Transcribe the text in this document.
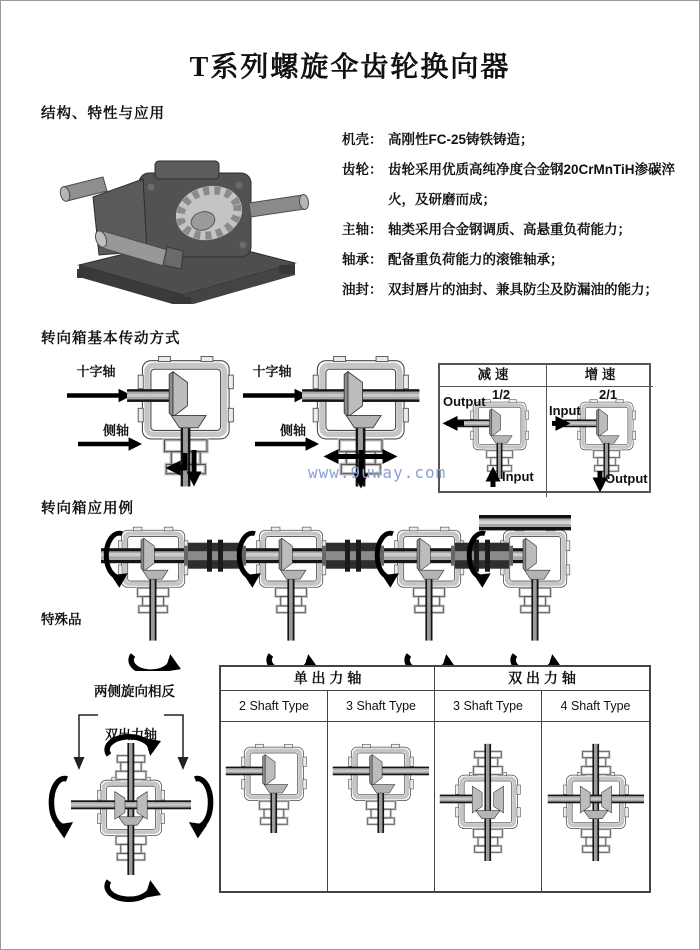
T系列螺旋伞齿轮换向器
结构、特性与应用
机壳： 高刚性FC-25铸铁铸造；
齿轮： 齿轮采用优质高纯净度合金钢20CrMnTiH渗碳淬火，及研磨而成；
主轴： 轴类采用合金钢调质、高悬重负荷能力；
轴承： 配备重负荷能力的滚锥轴承；
油封： 双封唇片的油封、兼具防尘及防漏油的能力；
转向箱基本传动方式
十字轴
侧轴
十字轴
侧轴
减 速	增 速
1/2
Output
Input
2/1
Input
Output
www.9uway.com
转向箱应用例
特殊品
两侧旋向相反
双出力轴
单 出 力 轴	双 出 力 轴
2 Shaft Type	3 Shaft Type	3 Shaft Type	4 Shaft Type
